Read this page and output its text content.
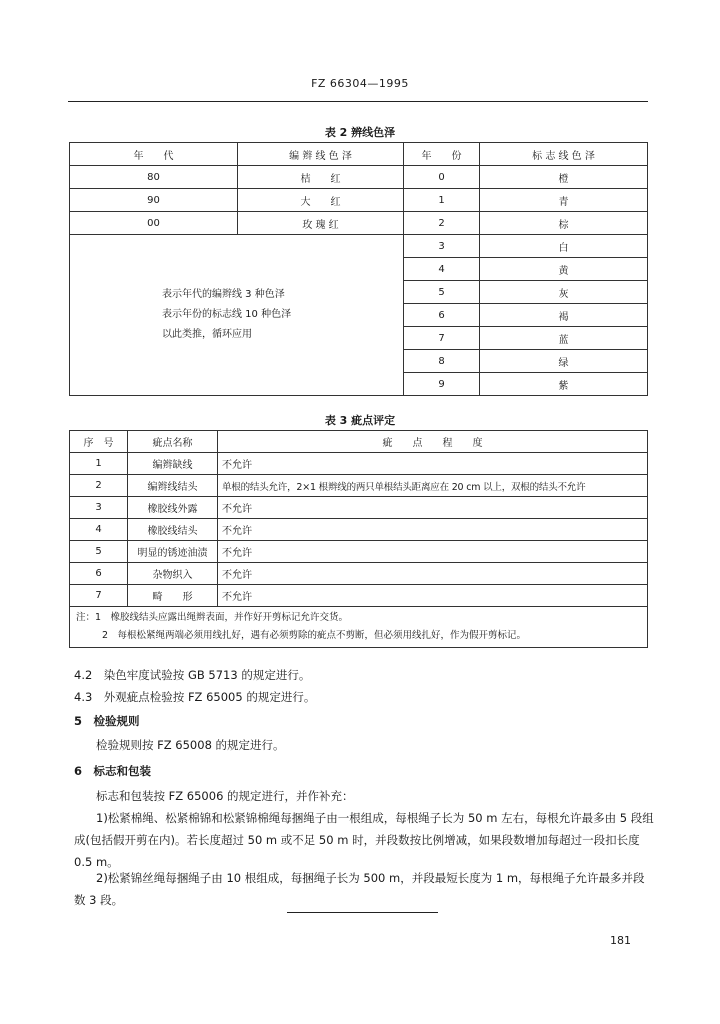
FZ 66304—1995
表 2 辨线色泽
年　　代	编 辫 线 色 泽	年　　份	标 志 线 色 泽
80	桔　　红	0	橙
90	大　　红	1	青
00	玫 瑰 红	2	棕

表示年代的编辫线 3 种色泽
表示年份的标志线 10 种色泽
以此类推，循环应用		3	白
		4	黄
		5	灰
		6	褐
		7	蓝
		8	绿
		9	紫
表 3 疵点评定
序　号	疵点名称	疵　　点　　程　　度
1	编辫缺线	不允许
2	编辫线结头	单根的结头允许，2×1 根辫线的两只单根结头距离应在 20 cm 以上，双根的结头不允许
3	橡胶线外露	不允许
4	橡胶线结头	不允许
5	明显的锈迹油渍	不允许
6	杂物织入	不允许
7	畸　　形	不允许

注：1　橡胶线结头应露出绳辫表面，并作好开剪标记允许交货。
2　每根松紧绳两端必须用线扎好，遇有必须剪除的疵点不剪断，但必须用线扎好，作为假开剪标记。		
4.2　染色牢度试验按 GB 5713 的规定进行。
4.3　外观疵点检验按 FZ 65005 的规定进行。
5　检验规则
检验规则按 FZ 65008 的规定进行。
6　标志和包装
标志和包装按 FZ 65006 的规定进行，并作补充：
1)松紧棉绳、松紧棉锦和松紧锦棉绳每捆绳子由一根组成，每根绳子长为 50 m 左右，每根允许最多由 5 段组成(包括假开剪在内)。若长度超过 50 m 或不足 50 m 时，并段数按比例增减，如果段数增加每超过一段扣长度 0.5 m。
2)松紧锦丝绳每捆绳子由 10 根组成，每捆绳子长为 500 m，并段最短长度为 1 m，每根绳子允许最多并段数 3 段。
181
